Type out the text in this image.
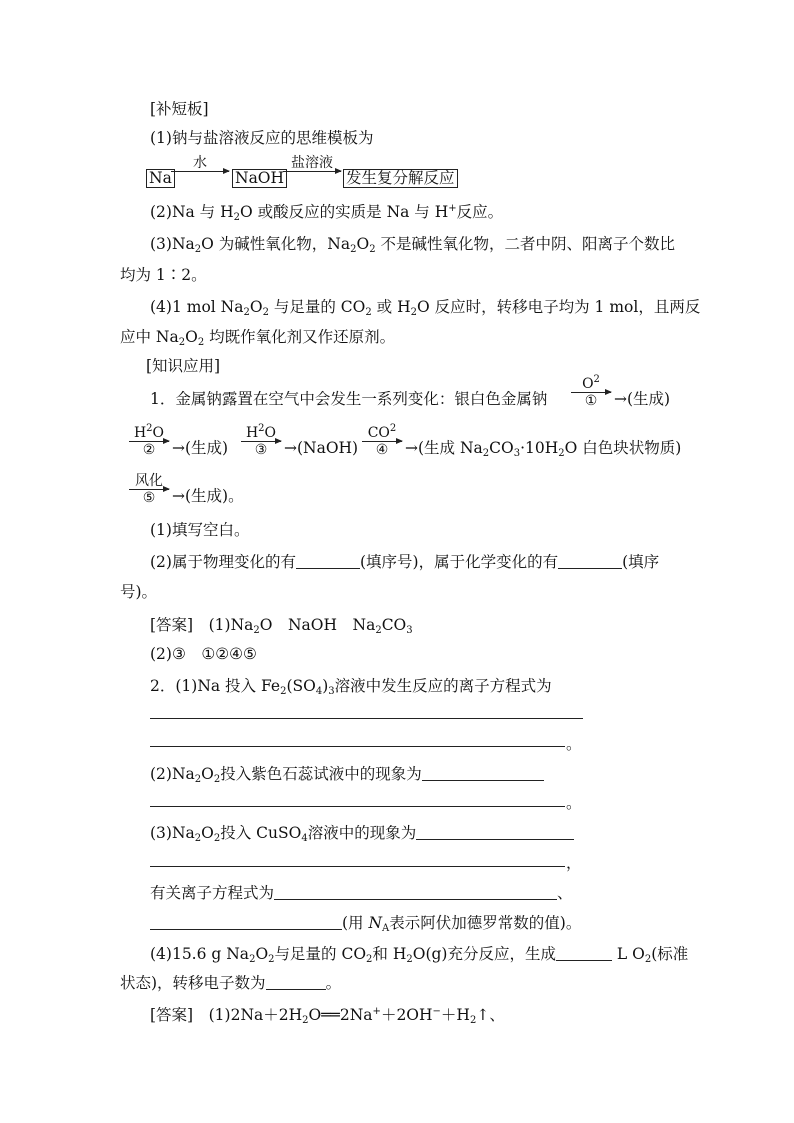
[补短板]
(1)钠与盐溶液反应的思维模板为
Na
水
NaOH
盐溶液
发生复分解反应
(2)Na 与 $H_2O$ 或酸反应的实质是 Na 与 H+反应。
$(3)Na_2O$ 为碱性氧化物，$Na_2O_2$ 不是碱性氧化物，二者中阴、阳离子个数比
均为 1∶2。
(4)1 mol $Na_2O_2$ 与足量的 $CO_2$ 或 $H_2O$ 反应时，转移电子均为 1 mol，且两反
应中 $Na_2O_2$ 均既作氧化剂又作还原剂。
[知识应用]
1．金属钠露置在空气中会发生一系列变化：银白色金属钠
$O^2$
①	→(生成)
$H^2O$
②	→(生成)
$H^2O$
③	→(NaOH)
$CO^2$
④	→(生成 $Na_2CO_3\cdot 10H_2O$ 白色块状物质)
风化
⑤	→(生成)。
(1)填写空白。
(2)属于物理变化的有	(填序号)，属于化学变化的有	(填序
号)。
[答案]　 $(1)Na_2O$　NaOH　$Na_2CO_3$
(2)③　①②④⑤
2．(1)Na 投入 $Fe_2(SO_4)_3$溶液中发生反应的离子方程式为
。
$(2)Na_2O_2$投入紫色石蕊试液中的现象为
。
$(3)Na_2O_2$投入 CuSO$_4$溶液中的现象为
，
有关离子方程式为	、
(用 $N_A$表示阿伏加德罗常数的值)。
(4)15.6 g $Na_2O_2$与足量的 $CO_2$和 $H_2O(g)$充分反应，生成	L $O_2$(标准
状态)，转移电子数为	。
[答案]　 $(1)2Na+2H_2O══2Na^++2OH^-+H_2↑$、
